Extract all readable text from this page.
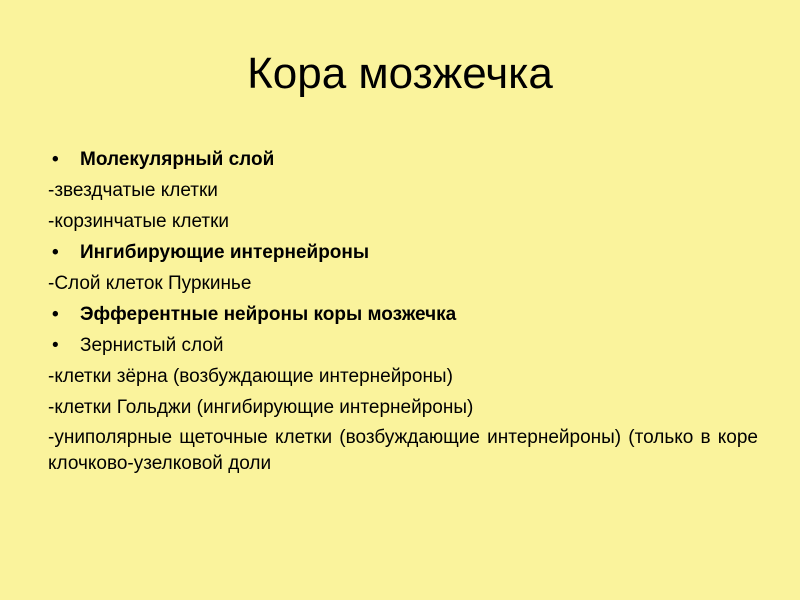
Кора мозжечка

• Молекулярный слой

-звездчатые клетки

-корзинчатые клетки

• Ингибирующие интернейроны

-Слой клеток Пуркинье

• Эфферентные нейроны коры мозжечка

• Зернистый слой

-клетки зёрна (возбуждающие интернейроны)

-клетки Гольджи (ингибирующие интернейроны)

-униполярные щеточные клетки (возбуждающие интернейроны) (только в коре клочково-узелковой доли
